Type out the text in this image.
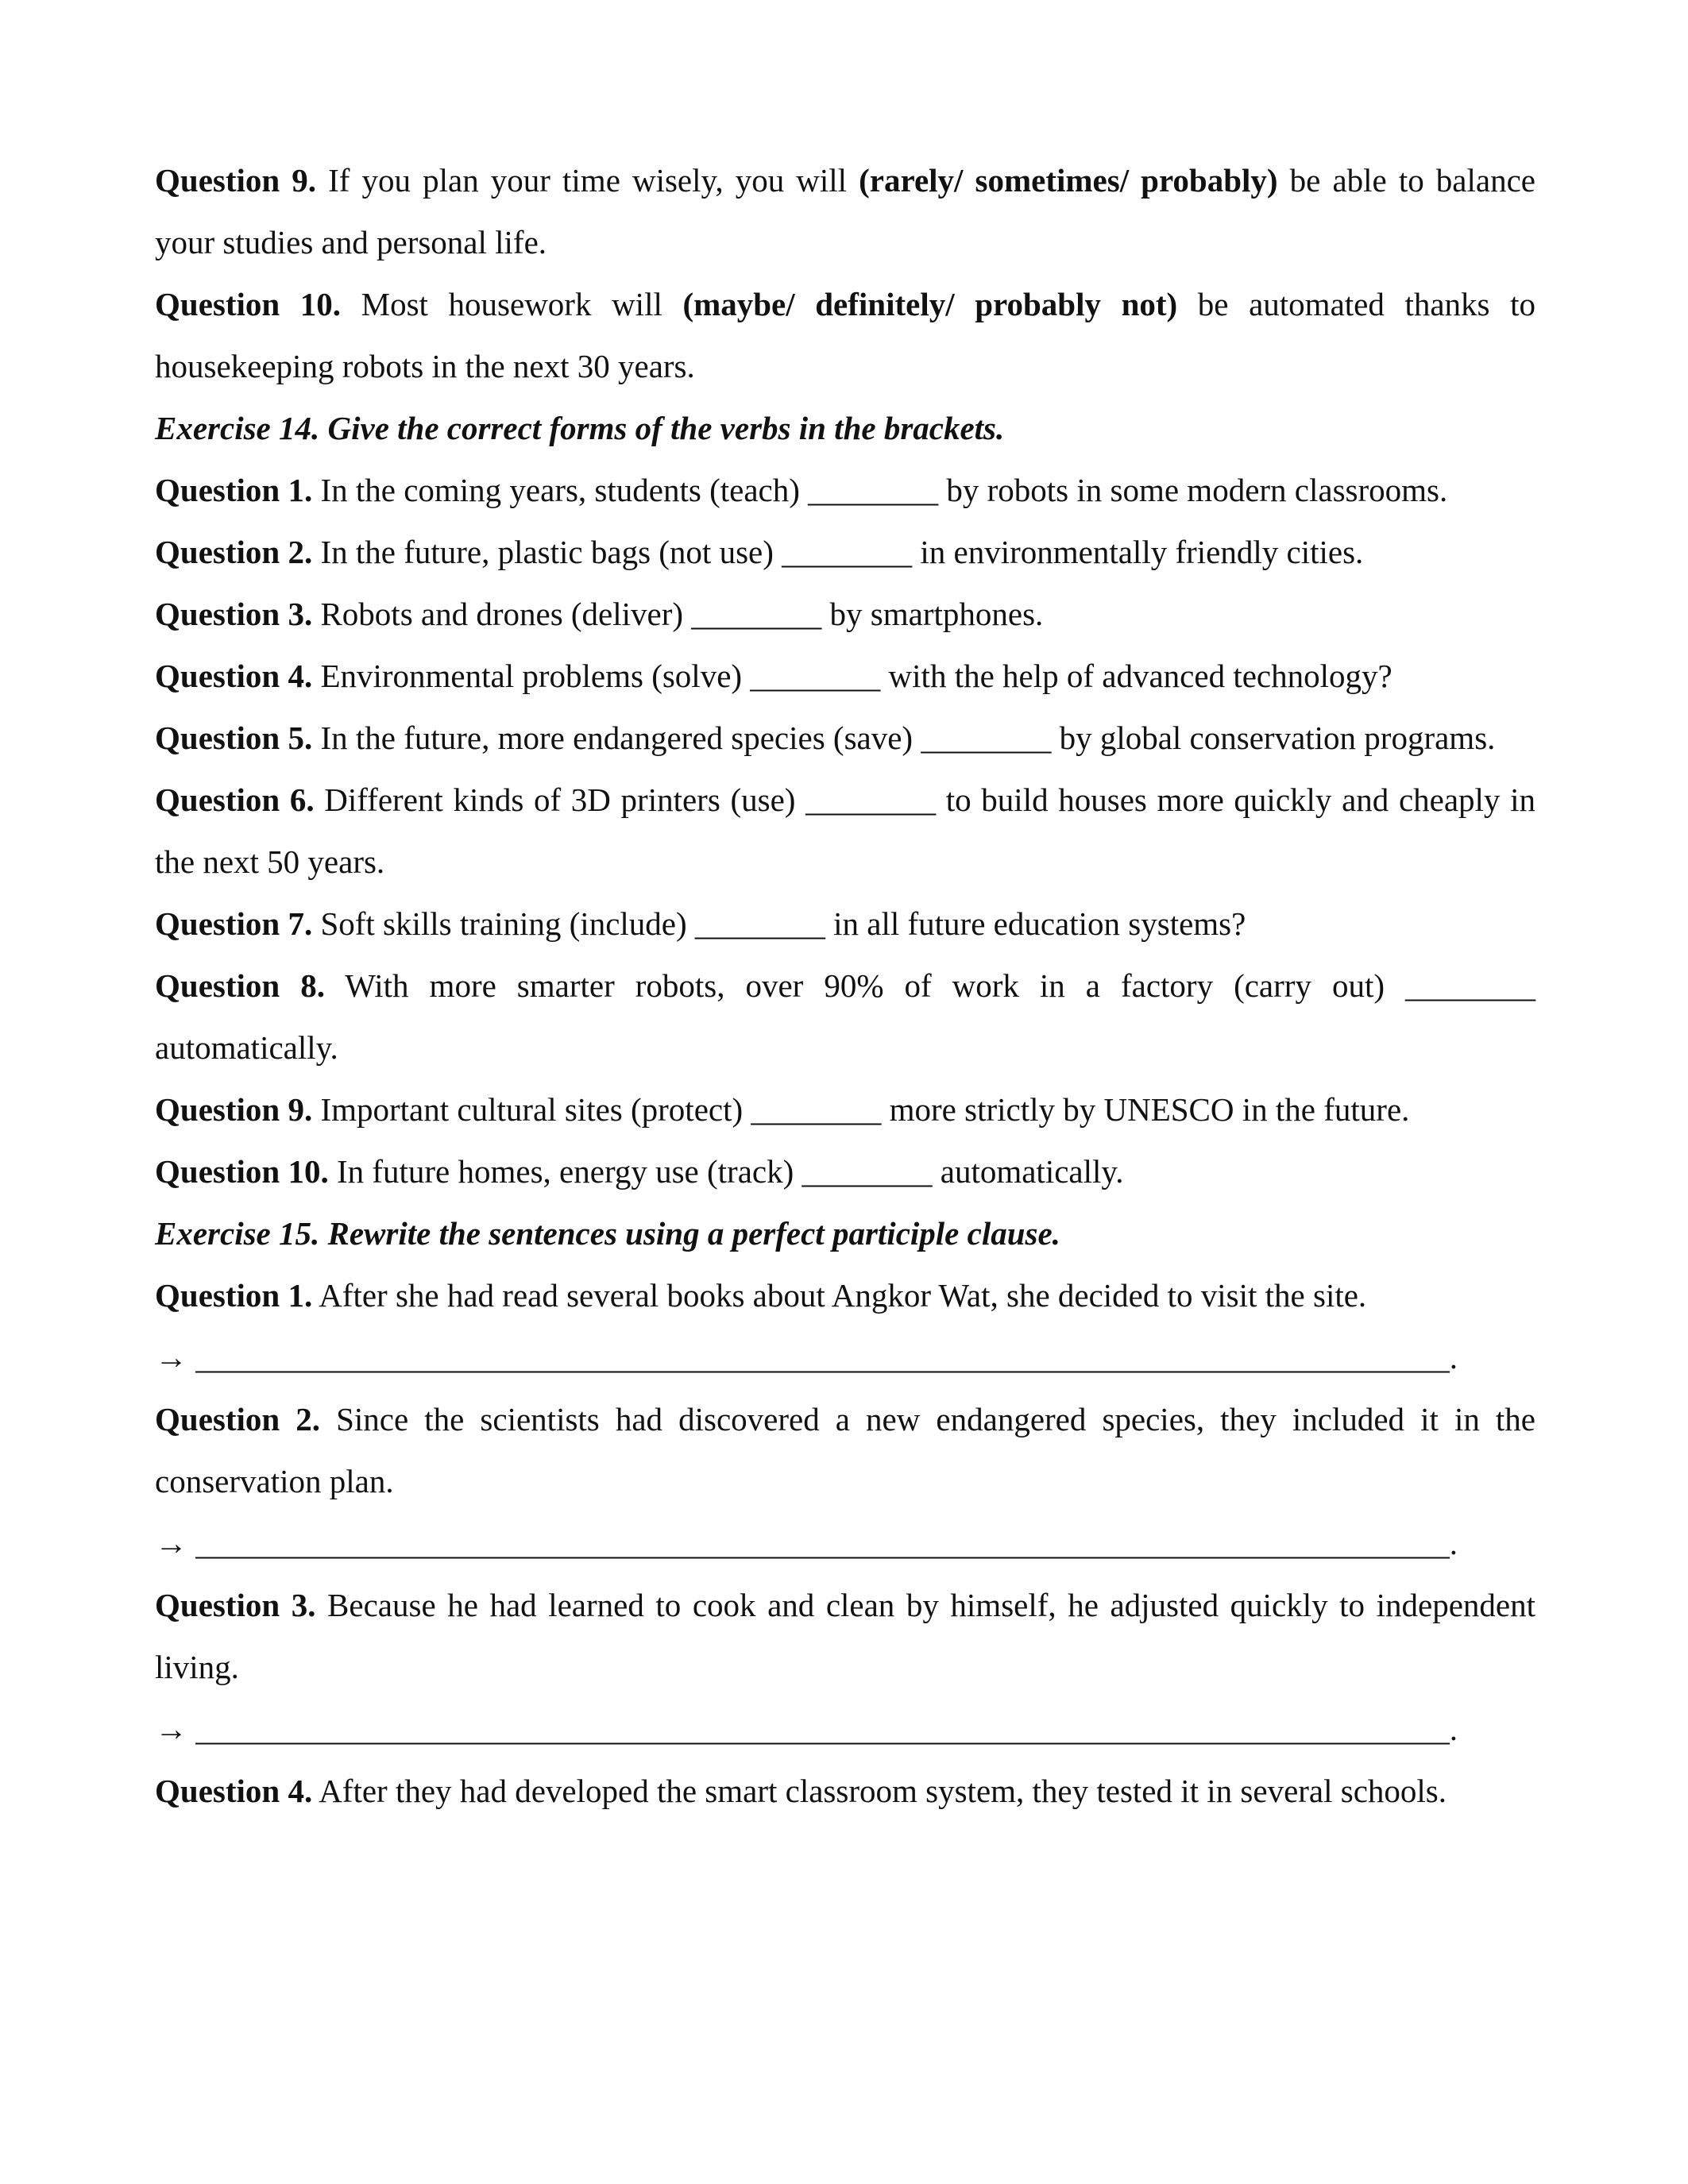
Question 9. If you plan your time wisely, you will (rarely/ sometimes/ probably) be able to balance your studies and personal life.

Question 10. Most housework will (maybe/ definitely/ probably not) be automated thanks to housekeeping robots in the next 30 years.

Exercise 14. Give the correct forms of the verbs in the brackets.

Question 1. In the coming years, students (teach) ________ by robots in some modern classrooms.

Question 2. In the future, plastic bags (not use) ________ in environmentally friendly cities.

Question 3. Robots and drones (deliver) ________ by smartphones.

Question 4. Environmental problems (solve) ________ with the help of advanced technology?

Question 5. In the future, more endangered species (save) ________ by global conservation programs.

Question 6. Different kinds of 3D printers (use) ________ to build houses more quickly and cheaply in the next 50 years.

Question 7. Soft skills training (include) ________ in all future education systems?

Question 8. With more smarter robots, over 90% of work in a factory (carry out) ________ automatically.

Question 9. Important cultural sites (protect) ________ more strictly by UNESCO in the future.

Question 10. In future homes, energy use (track) ________ automatically.

Exercise 15. Rewrite the sentences using a perfect participle clause.

Question 1. After she had read several books about Angkor Wat, she decided to visit the site.

→ _____________________________________________________________________________.

Question 2. Since the scientists had discovered a new endangered species, they included it in the conservation plan.

→ _____________________________________________________________________________.

Question 3. Because he had learned to cook and clean by himself, he adjusted quickly to independent living.

→ _____________________________________________________________________________.

Question 4. After they had developed the smart classroom system, they tested it in several schools.
